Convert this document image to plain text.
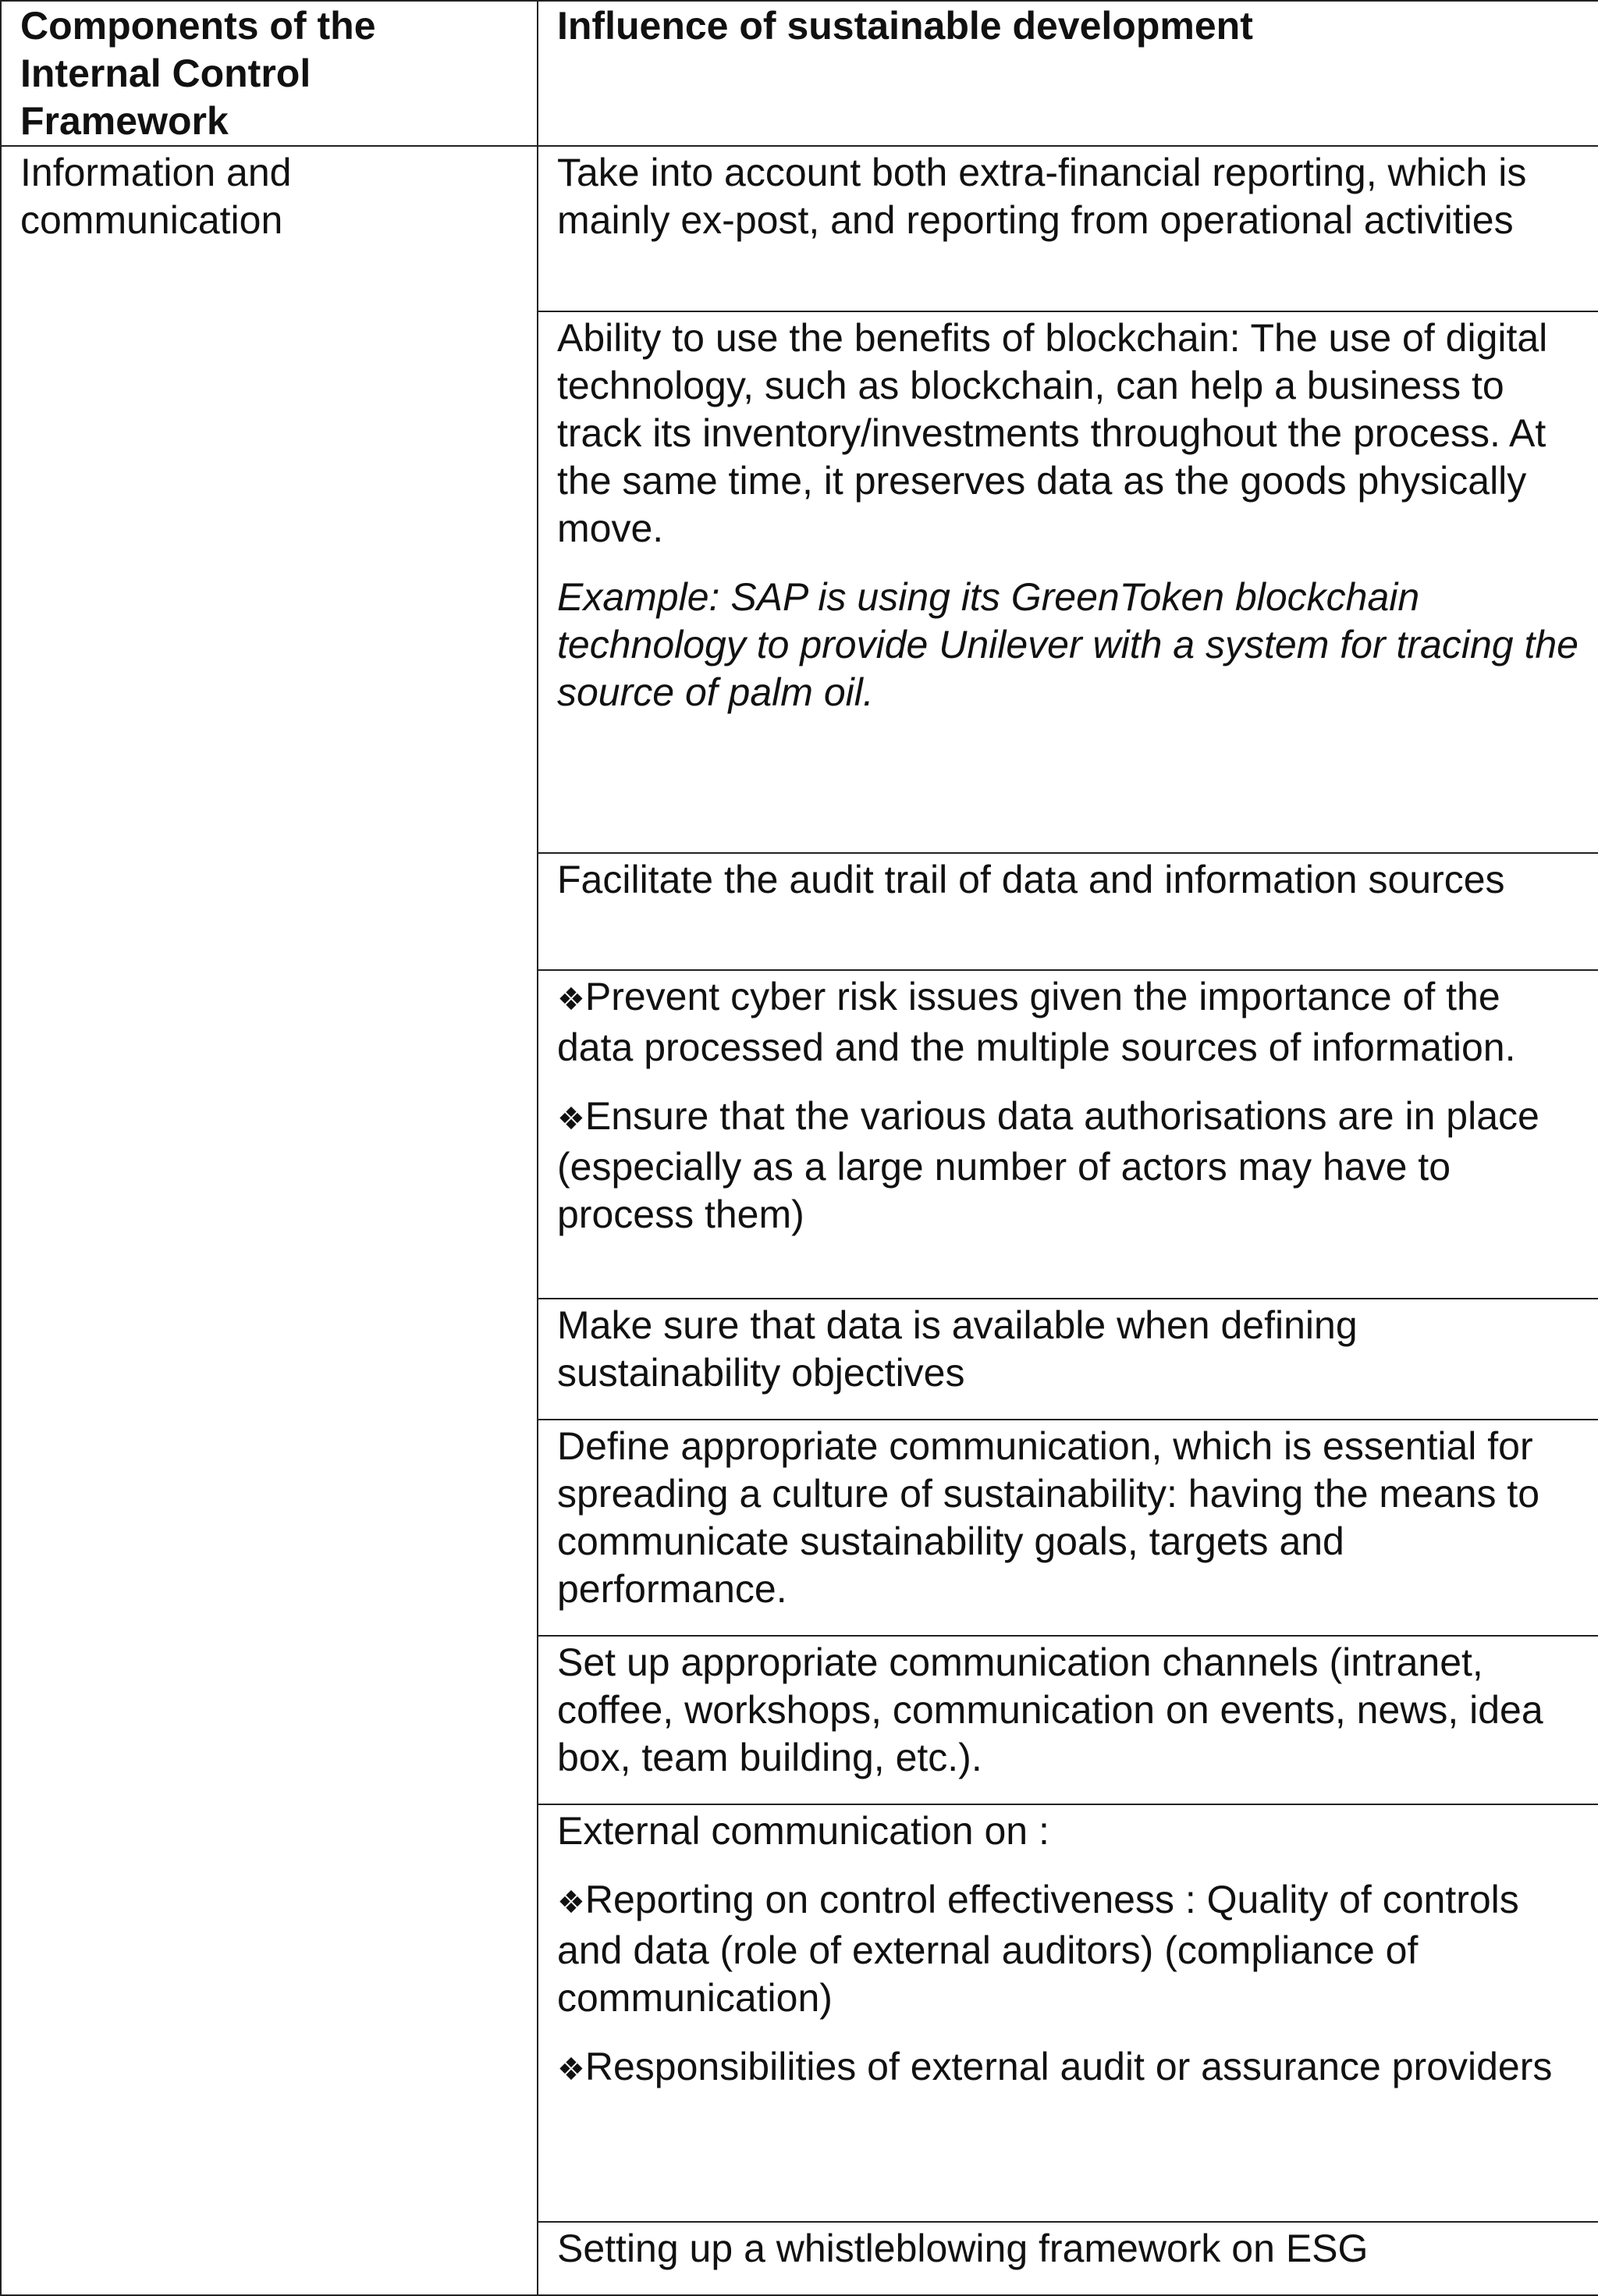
Components of the Internal Control Framework	Influence of sustainable development

Information and communication	Take into account both extra-financial reporting, which is mainly ex-post, and reporting from operational activities

	Ability to use the benefits of blockchain: The use of digital technology, such as blockchain, can help a business to track its inventory/investments throughout the process. At the same time, it preserves data as the goods physically move.

Example: SAP is using its GreenToken blockchain technology to provide Unilever with a system for tracing the source of palm oil.

	Facilitate the audit trail of data and information sources

	❖Prevent cyber risk issues given the importance of the data processed and the multiple sources of information.

❖Ensure that the various data authorisations are in place (especially as a large number of actors may have to process them)

	Make sure that data is available when defining sustainability objectives

	Define appropriate communication, which is essential for spreading a culture of sustainability: having the means to communicate sustainability goals, targets and performance.

	Set up appropriate communication channels (intranet, coffee, workshops, communication on events, news, idea box, team building, etc.).

	External communication on :

❖Reporting on control effectiveness : Quality of controls and data (role of external auditors) (compliance of communication)

❖Responsibilities of external audit or assurance providers

	Setting up a whistleblowing framework on ESG
